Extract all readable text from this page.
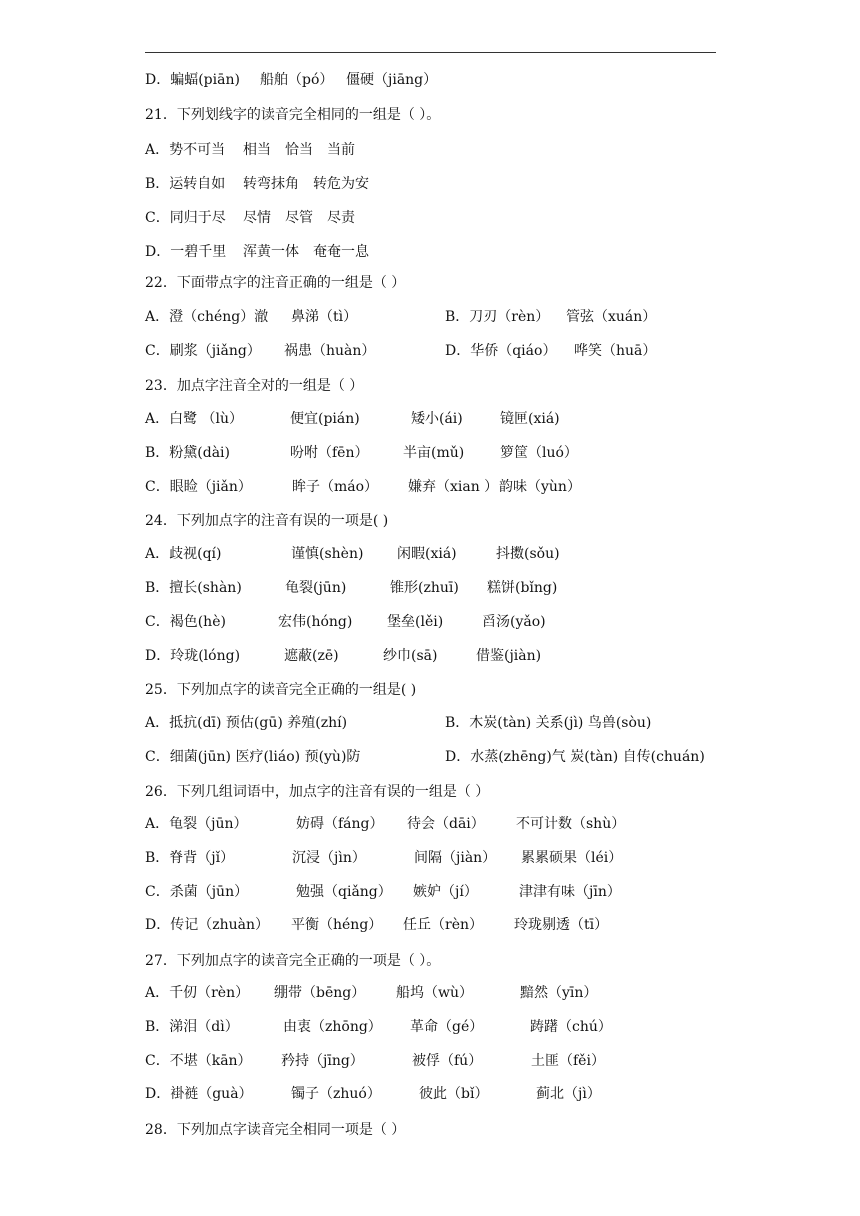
D．蝙蝠(piān) 船舶（pó） 僵硬（jiāng）
21．下列划线字的读音完全相同的一组是（ ）。
A．势不可当 相当 恰当 当前
B．运转自如 转弯抹角 转危为安
C．同归于尽 尽情 尽管 尽责
D．一碧千里 浑黄一体 奄奄一息
22．下面带点字的注音正确的一组是（ ）
A．澄（chéng）澈 鼻涕（tì）	B．刀刃（rèn） 管弦（xuán）
C．刷浆（jiǎng） 祸患（huàn）	D．华侨（qiáo） 哗笑（huā）
23．加点字注音全对的一组是（ ）
A．白鹭 （lù）	便宜(pián)	矮小(ái)	镜匣(xiá)
B．粉黛(dài)	吩咐（fēn） 半亩(mǔ)	箩筐（luó）
C．眼睑（jiǎn）	眸子（máo） 嫌弃（xian ） 韵味（yùn）
24．下列加点字的注音有误的一项是( )
A．歧视(qí)	谨慎(shèn) 闲暇(xiá)	抖擞(sǒu)
B．擅长(shàn)	龟裂(jūn)	锥形(zhuī) 糕饼(bǐng)
C．褐色(hè)	宏伟(hóng) 堡垒(lěi)	舀汤(yǎo)
D．玲珑(lóng)	遮蔽(zē)	纱巾(sā)	借鉴(jiàn)
25．下列加点字的读音完全正确的一组是( )
A．抵抗(dī) 预估(gū) 养殖(zhí)	B．木炭(tàn) 关系(jì) 鸟兽(sòu)
C．细菌(jūn) 医疗(liáo) 预(yù)防	D．水蒸(zhēng)气 炭(tàn) 自传(chuán)
26．下列几组词语中，加点字的注音有误的一组是（ ）
A．龟裂（jūn）	妨碍（fáng） 待会（dāi） 不可计数（shù）
B．脊背（jǐ）	沉浸（jìn）	间隔（jiàn） 累累硕果（léi）
C．杀菌（jūn）	勉强（qiǎng） 嫉妒（jí）	津津有味（jīn）
D．传记（zhuàn） 平衡（héng） 任丘（rèn） 玲珑剔透（tī）
27．下列加点字的读音完全正确的一项是（ ）。
A．千仞（rèn） 绷带（bēng） 船坞（wù）	黯然（yīn）
B．涕泪（dì）	由衷（zhōng） 革命（gé）	踌躇（chú）
C．不堪（kān） 矜持（jīng）	被俘（fú）	土匪（fěi）
D．褂裢（guà）	镯子（zhuó）	彼此（bǐ）	蓟北（jì）
28．下列加点字读音完全相同一项是（ ）
